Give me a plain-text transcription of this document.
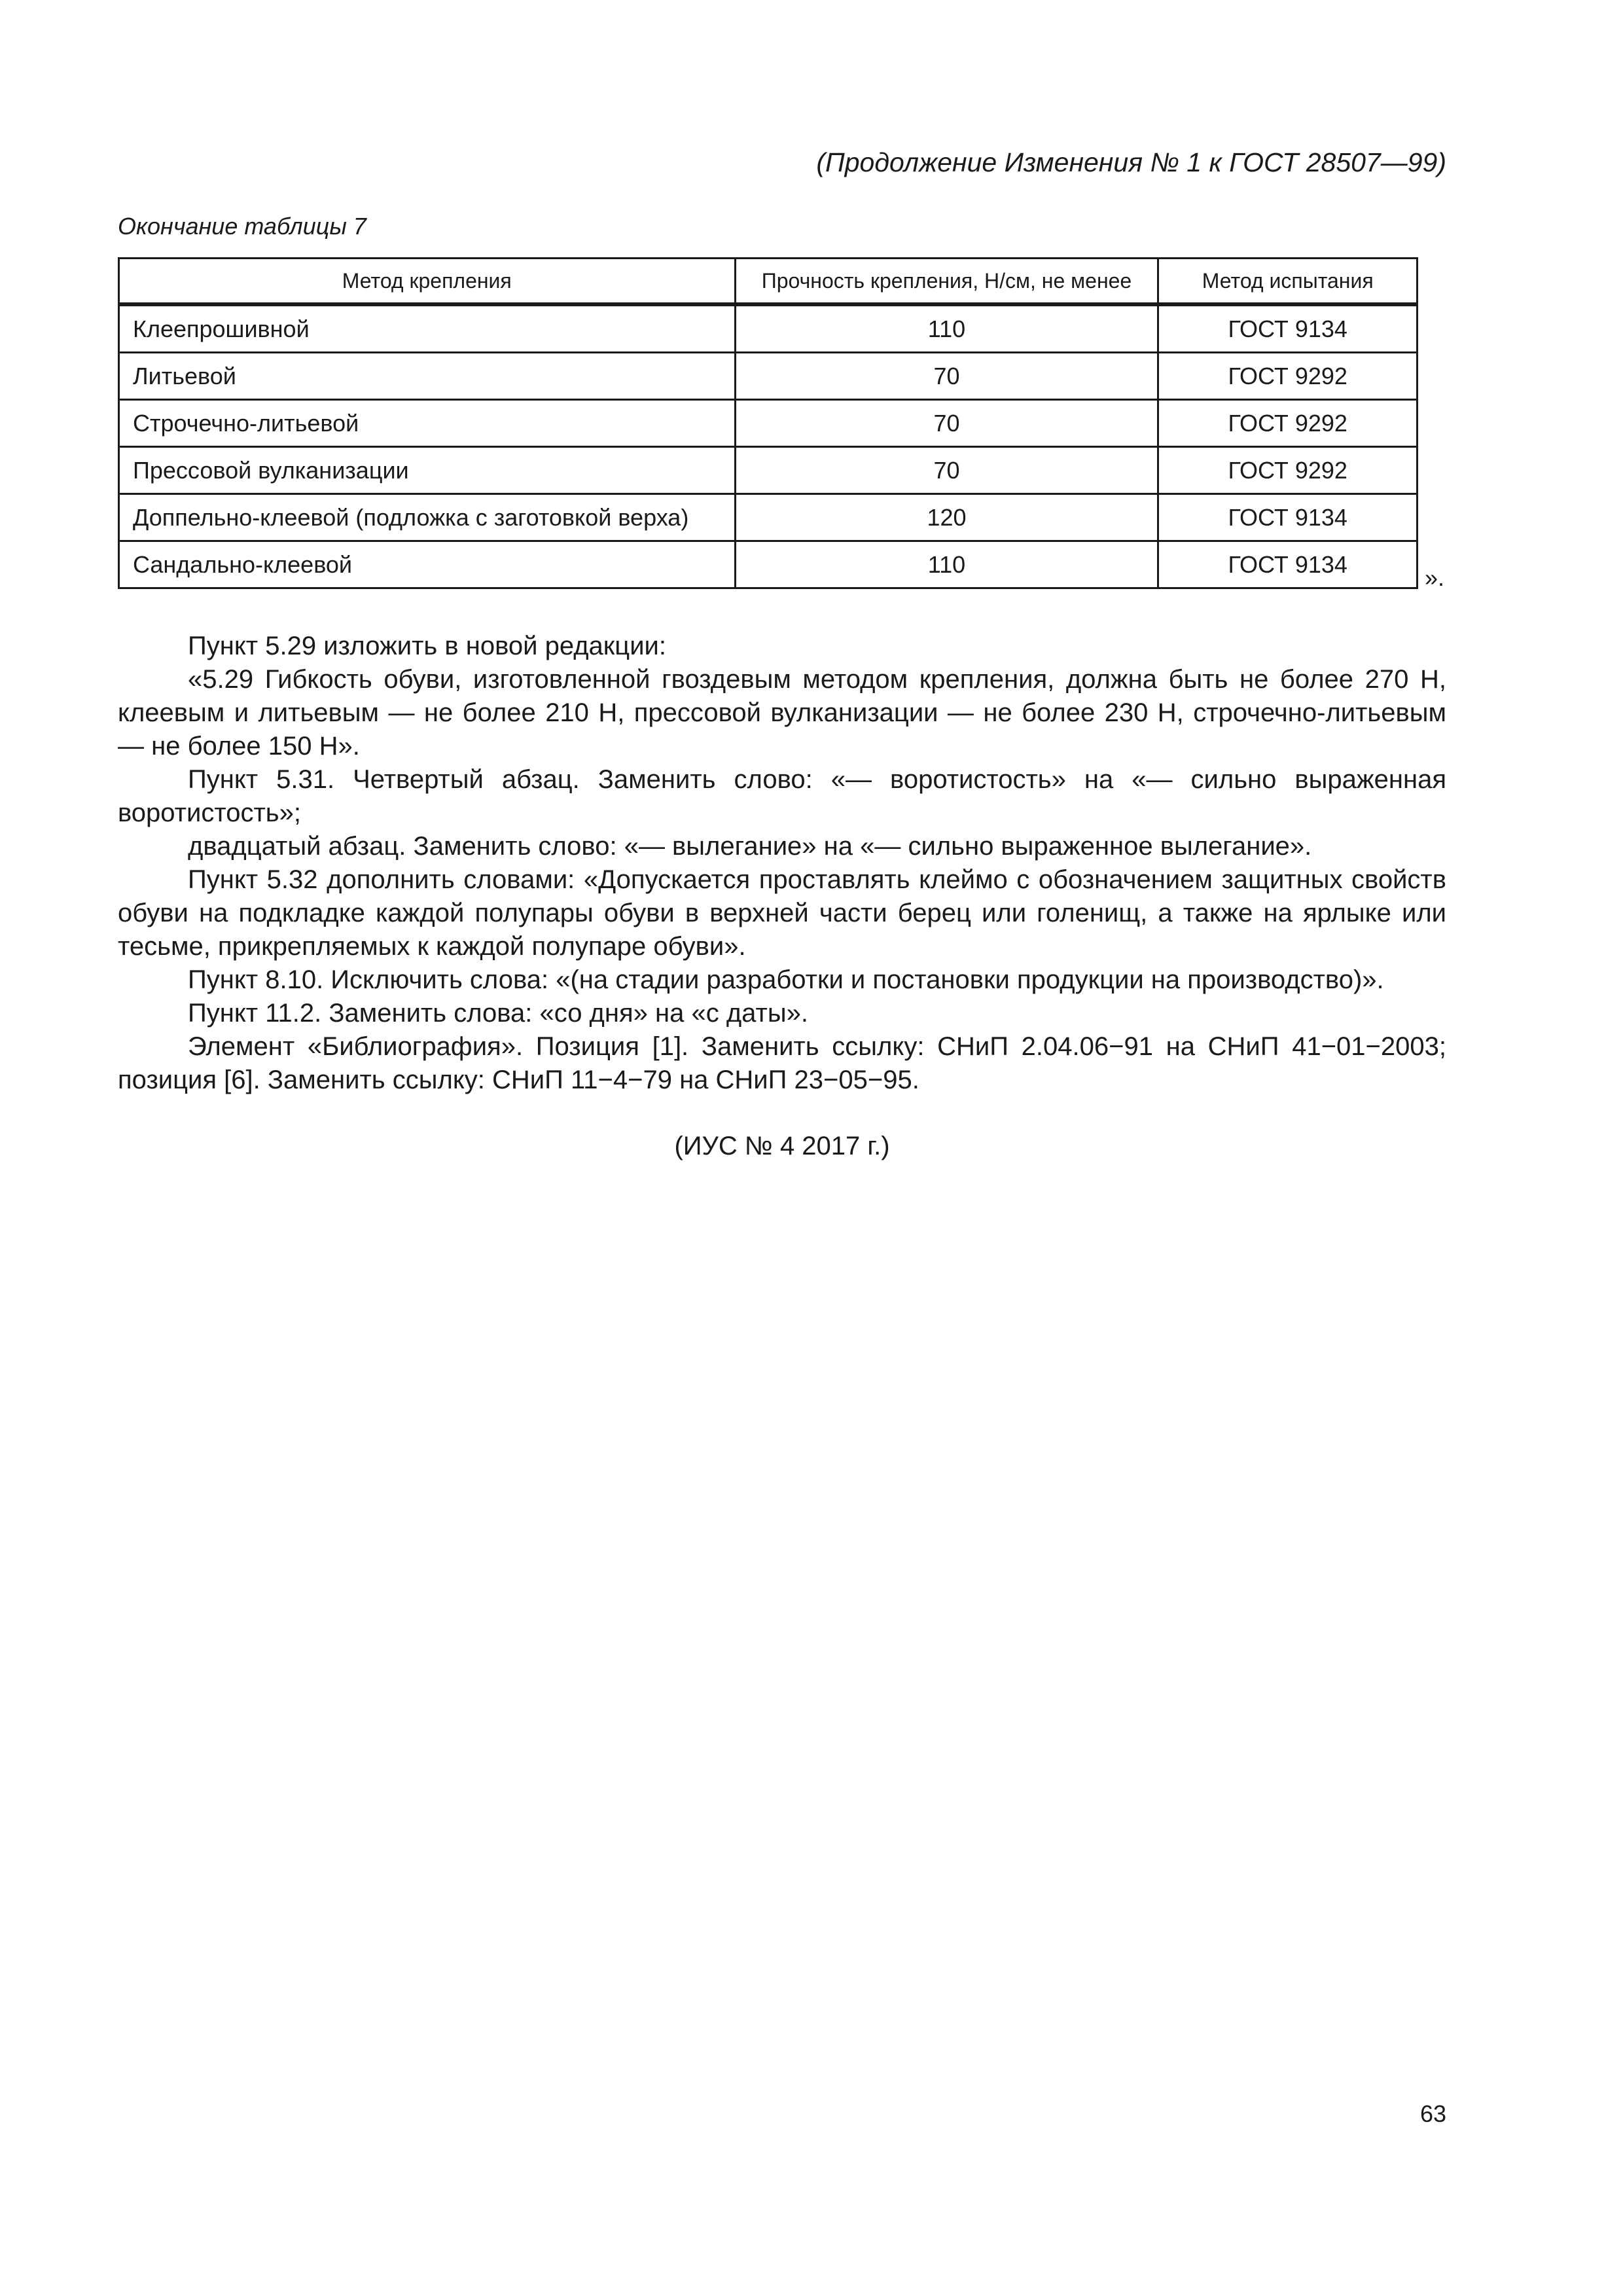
(Продолжение Изменения № 1 к ГОСТ 28507—99)
Окончание таблицы 7
Метод крепления	Прочность крепления, Н/см, не менее	Метод испытания
Клеепрошивной	110	ГОСТ 9134
Литьевой	70	ГОСТ 9292
Строчечно-литьевой	70	ГОСТ 9292
Прессовой вулканизации	70	ГОСТ 9292
Доппельно-клеевой (подложка с заготовкой верха)	120	ГОСТ 9134
Сандально-клеевой	110	ГОСТ 9134	».

Пункт 5.29 изложить в новой редакции:

«5.29 Гибкость обуви, изготовленной гвоздевым методом крепления, должна быть не более 270 Н, клеевым и литьевым — не более 210 Н, прессовой вулканизации — не более 230 Н, строчечно-литьевым — не более 150 Н».

Пункт 5.31. Четвертый абзац. Заменить слово: «— воротистость» на «— сильно выраженная воротистость»;

двадцатый абзац. Заменить слово: «— вылегание» на «— сильно выраженное вылегание».

Пункт 5.32 дополнить словами: «Допускается проставлять клеймо с обозначением защитных свойств обуви на подкладке каждой полупары обуви в верхней части берец или голенищ, а также на ярлыке или тесьме, прикрепляемых к каждой полупаре обуви».

Пункт 8.10. Исключить слова: «(на стадии разработки и постановки продукции на производство)».

Пункт 11.2. Заменить слова: «со дня» на «с даты».

Элемент «Библиография». Позиция [1]. Заменить ссылку: СНиП 2.04.06−91 на СНиП 41−01−2003; позиция [6]. Заменить ссылку: СНиП 11−4−79 на СНиП 23−05−95.

(ИУС № 4 2017 г.)
63
